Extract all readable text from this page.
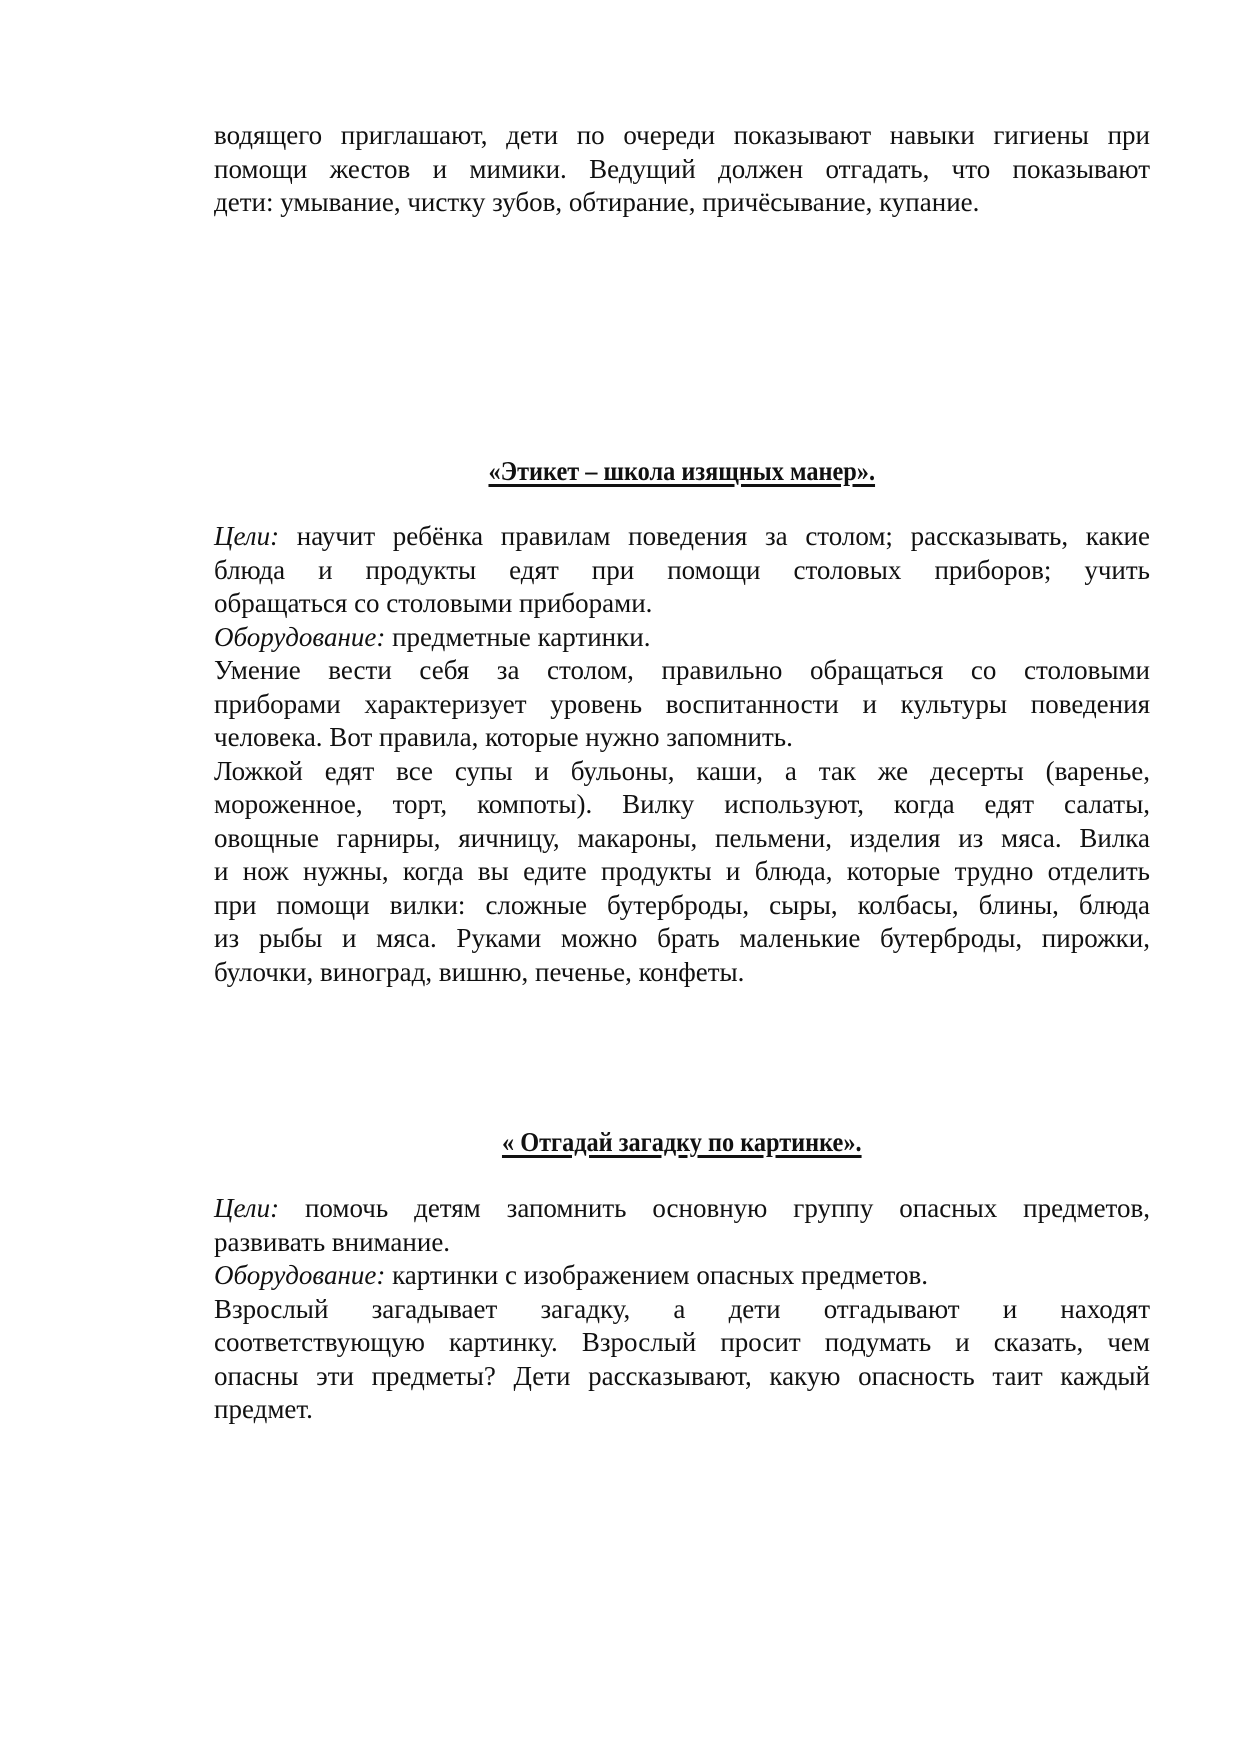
водящего приглашают, дети по очереди показывают навыки гигиены при
помощи жестов и мимики. Ведущий должен отгадать, что показывают
дети: умывание, чистку зубов, обтирание, причёсывание, купание.
«Этикет – школа изящных манер».
Цели: научит ребёнка правилам поведения за столом; рассказывать, какие
блюда и продукты едят при помощи столовых приборов; учить
обращаться со столовыми приборами.
Оборудование: предметные картинки.
Умение вести себя за столом, правильно обращаться со столовыми
приборами характеризует уровень воспитанности и культуры поведения
человека. Вот правила, которые нужно запомнить.
Ложкой едят все супы и бульоны, каши, а так же десерты (варенье,
мороженное, торт, компоты). Вилку используют, когда едят салаты,
овощные гарниры, яичницу, макароны, пельмени, изделия из мяса. Вилка
и нож нужны, когда вы едите продукты и блюда, которые трудно отделить
при помощи вилки: сложные бутерброды, сыры, колбасы, блины, блюда
из рыбы и мяса. Руками можно брать маленькие бутерброды, пирожки,
булочки, виноград, вишню, печенье, конфеты.
« Отгадай загадку по картинке».
Цели: помочь детям запомнить основную группу опасных предметов,
развивать внимание.
Оборудование: картинки с изображением опасных предметов.
Взрослый загадывает загадку, а дети отгадывают и находят
соответствующую картинку. Взрослый просит подумать и сказать, чем
опасны эти предметы? Дети рассказывают, какую опасность таит каждый
предмет.
